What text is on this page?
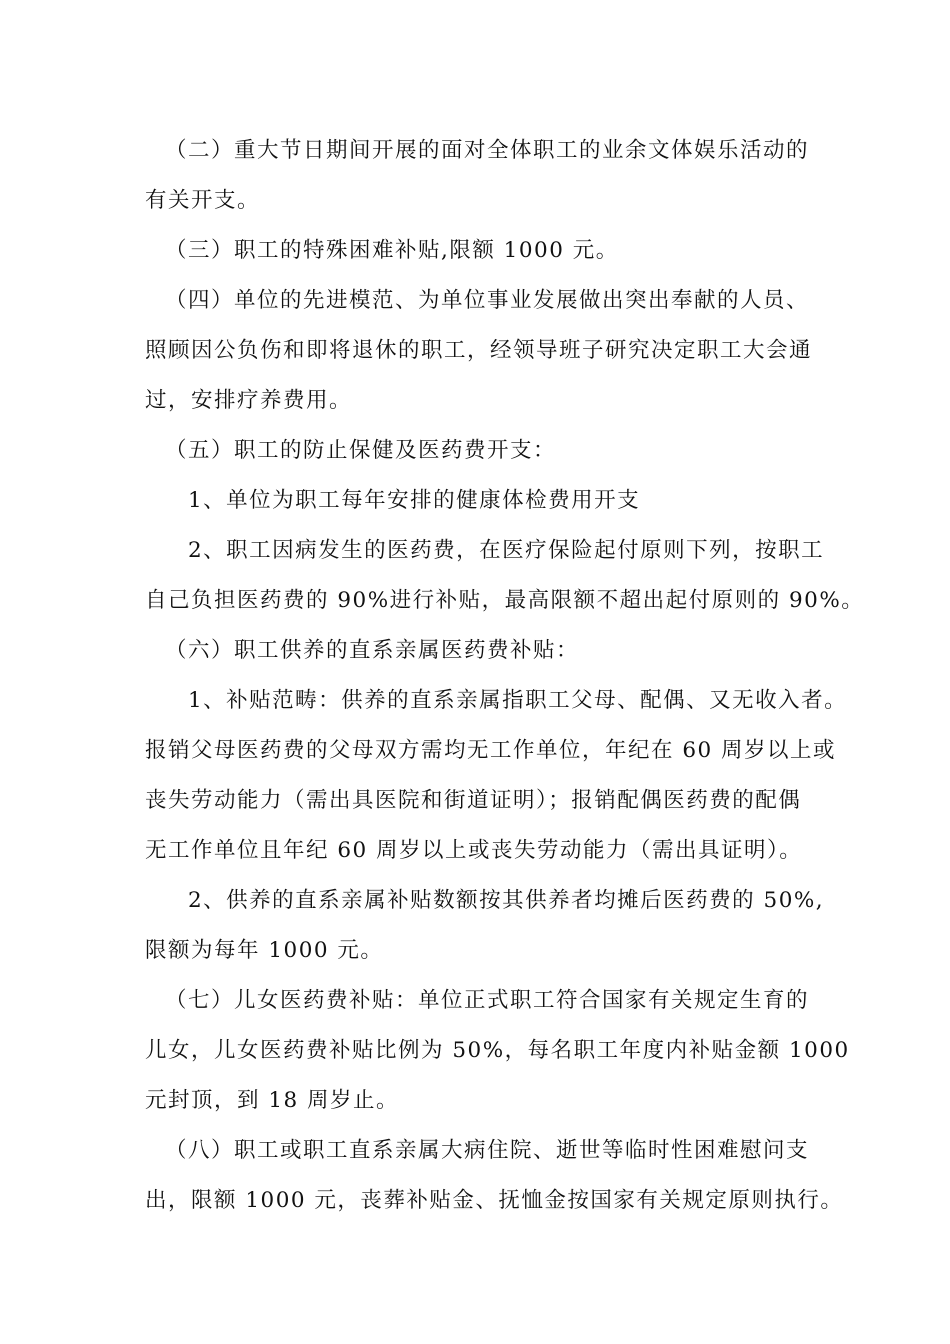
（二）重大节日期间开展的面对全体职工的业余文体娱乐活动的
有关开支。
（三）职工的特殊困难补贴,限额 1000 元。
（四）单位的先进模范、为单位事业发展做出突出奉献的人员、
照顾因公负伤和即将退休的职工，经领导班子研究决定职工大会通
过，安排疗养费用。
（五）职工的防止保健及医药费开支：
1、单位为职工每年安排的健康体检费用开支
2、职工因病发生的医药费，在医疗保险起付原则下列，按职工
自己负担医药费的 90%进行补贴，最高限额不超出起付原则的 90%。
（六）职工供养的直系亲属医药费补贴：
1、补贴范畴：供养的直系亲属指职工父母、配偶、又无收入者。
报销父母医药费的父母双方需均无工作单位，年纪在 60 周岁以上或
丧失劳动能力（需出具医院和街道证明）；报销配偶医药费的配偶
无工作单位且年纪 60 周岁以上或丧失劳动能力（需出具证明）。
2、供养的直系亲属补贴数额按其供养者均摊后医药费的 50%,
限额为每年 1000 元。
（七）儿女医药费补贴：单位正式职工符合国家有关规定生育的
儿女，儿女医药费补贴比例为 50%，每名职工年度内补贴金额 1000
元封顶，到 18 周岁止。
（八）职工或职工直系亲属大病住院、逝世等临时性困难慰问支
出，限额 1000 元，丧葬补贴金、抚恤金按国家有关规定原则执行。
